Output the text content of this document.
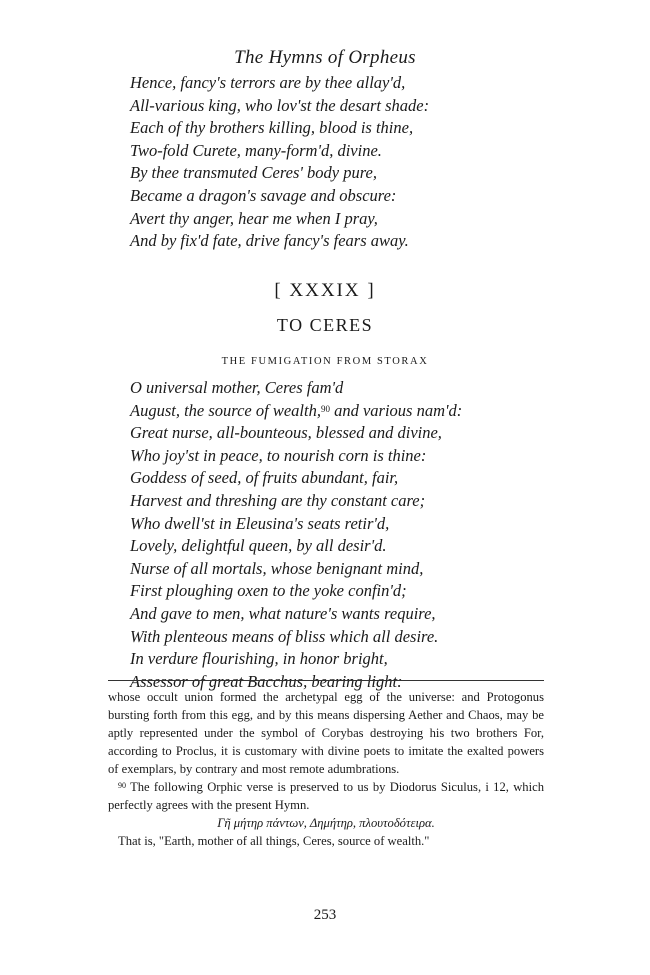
The Hymns of Orpheus
Hence, fancy's terrors are by thee allay'd,
All-various king, who lov'st the desart shade:
Each of thy brothers killing, blood is thine,
Two-fold Curete, many-form'd, divine.
By thee transmuted Ceres' body pure,
Became a dragon's savage and obscure:
Avert thy anger, hear me when I pray,
And by fix'd fate, drive fancy's fears away.
[ XXXIX ]
TO CERES
THE FUMIGATION FROM STORAX
O universal mother, Ceres fam'd
August, the source of wealth,$^{90}$ and various nam'd:
Great nurse, all-bounteous, blessed and divine,
Who joy'st in peace, to nourish corn is thine:
Goddess of seed, of fruits abundant, fair,
Harvest and threshing are thy constant care;
Who dwell'st in Eleusina's seats retir'd,
Lovely, delightful queen, by all desir'd.
Nurse of all mortals, whose benignant mind,
First ploughing oxen to the yoke confin'd;
And gave to men, what nature's wants require,
With plenteous means of bliss which all desire.
In verdure flourishing, in honor bright,
Assessor of great Bacchus, bearing light:

whose occult union formed the archetypal egg of the universe: and Protogonus bursting forth from this egg, and by this means dispersing Aether and Chaos, may be aptly represented under the symbol of Corybas destroying his two brothers For, according to Proclus, it is customary with divine poets to imitate the exalted powers of exemplars, by contrary and most remote adumbrations.

$^{90}$ The following Orphic verse is preserved to us by Diodorus Siculus, i 12, which perfectly agrees with the present Hymn.

Γῆ μήτηρ πάντων, Δημήτηρ, πλουτοδότειρα.

That is, "Earth, mother of all things, Ceres, source of wealth."

253
